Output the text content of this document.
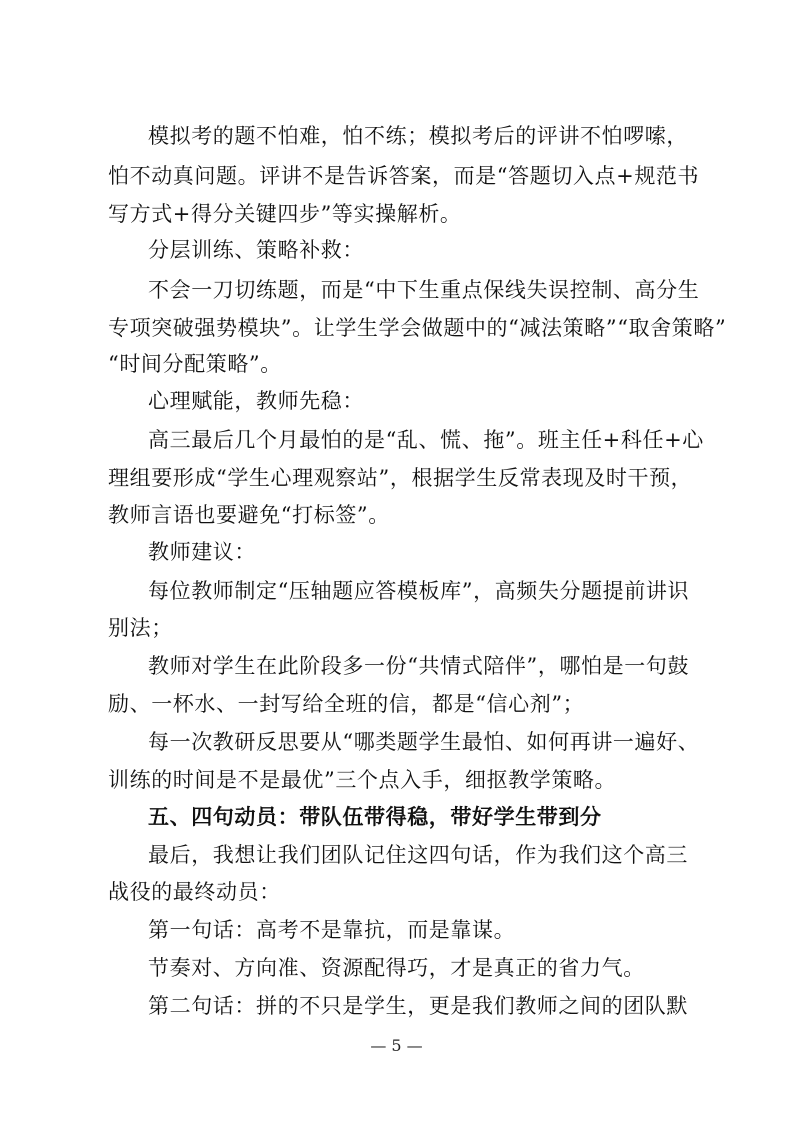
模拟考的题不怕难，怕不练；模拟考后的评讲不怕啰嗦，
怕不动真问题。评讲不是告诉答案，而是“答题切入点+规范书
写方式+得分关键四步”等实操解析。
分层训练、策略补救：
不会一刀切练题，而是“中下生重点保线失误控制、高分生
专项突破强势模块”。让学生学会做题中的“减法策略”“取舍策略”
“时间分配策略”。
心理赋能，教师先稳：
高三最后几个月最怕的是“乱、慌、拖”。班主任+科任+心
理组要形成“学生心理观察站”，根据学生反常表现及时干预，
教师言语也要避免“打标签”。
教师建议：
每位教师制定“压轴题应答模板库”，高频失分题提前讲识
别法；
教师对学生在此阶段多一份“共情式陪伴”，哪怕是一句鼓
励、一杯水、一封写给全班的信，都是“信心剂”；
每一次教研反思要从“哪类题学生最怕、如何再讲一遍好、
训练的时间是不是最优”三个点入手，细抠教学策略。
五、四句动员：带队伍带得稳，带好学生带到分
最后，我想让我们团队记住这四句话，作为我们这个高三
战役的最终动员：
第一句话：高考不是靠抗，而是靠谋。
节奏对、方向准、资源配得巧，才是真正的省力气。
第二句话：拼的不只是学生，更是我们教师之间的团队默
— 5 —
